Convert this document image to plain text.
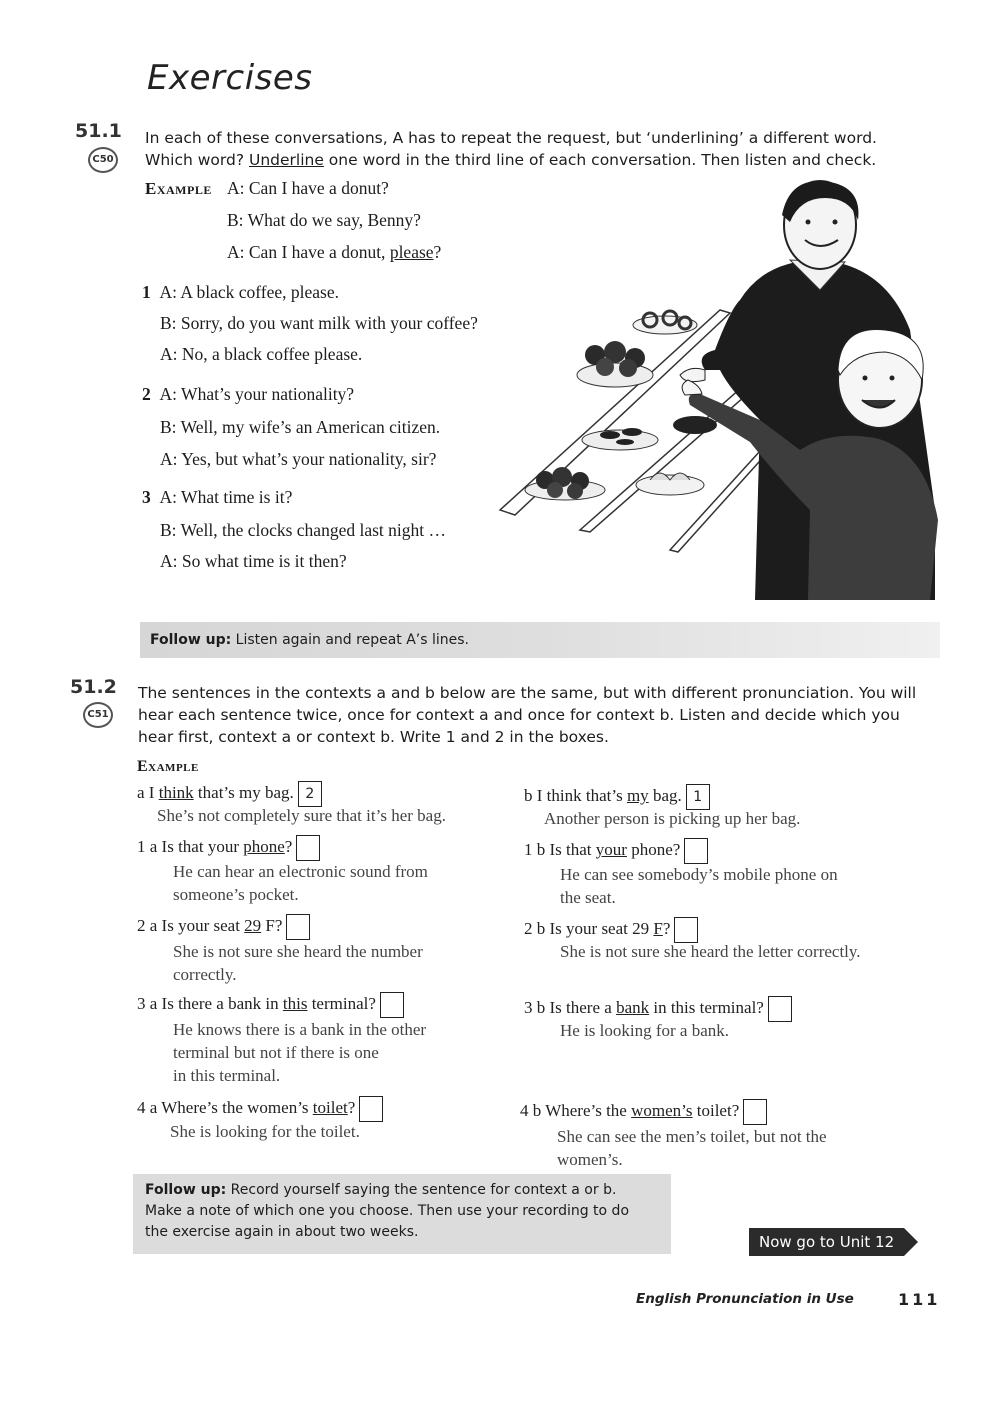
Exercises
51.1
C50
In each of these conversations, A has to repeat the request, but ‘underlining’ a different word.
Which word? Underline one word in the third line of each conversation. Then listen and check.
Example A: Can I have a donut?
B: What do we say, Benny?
A: Can I have a donut, please?
1 A: A black coffee, please.
B: Sorry, do you want milk with your coffee?
A: No, a black coffee please.
2 A: What’s your nationality?
B: Well, my wife’s an American citizen.
A: Yes, but what’s your nationality, sir?
3 A: What time is it?
B: Well, the clocks changed last night …
A: So what time is it then?
Follow up: Listen again and repeat A’s lines.
51.2
C51
The sentences in the contexts a and b below are the same, but with different pronunciation. You will
hear each sentence twice, once for context a and once for context b. Listen and decide which you
hear first, context a or context b. Write 1 and 2 in the boxes.
Example
a I think that’s my bag. 2
She’s not completely sure that it’s her bag.
b I think that’s my bag. 1
Another person is picking up her bag.
1 a Is that your phone?
He can hear an electronic sound from
someone’s pocket.
1 b Is that your phone?
He can see somebody’s mobile phone on
the seat.
2 a Is your seat 29 F?
She is not sure she heard the number
correctly.
2 b Is your seat 29 F?
She is not sure she heard the letter correctly.
3 a Is there a bank in this terminal?
He knows there is a bank in the other
terminal but not if there is one
in this terminal.
3 b Is there a bank in this terminal?
He is looking for a bank.
4 a Where’s the women’s toilet?
She is looking for the toilet.
4 b Where’s the women’s toilet?
She can see the men’s toilet, but not the
women’s.
Follow up: Record yourself saying the sentence for context a or b.
Make a note of which one you choose. Then use your recording to do
the exercise again in about two weeks.
Now go to Unit 12
English Pronunciation in Use	111
